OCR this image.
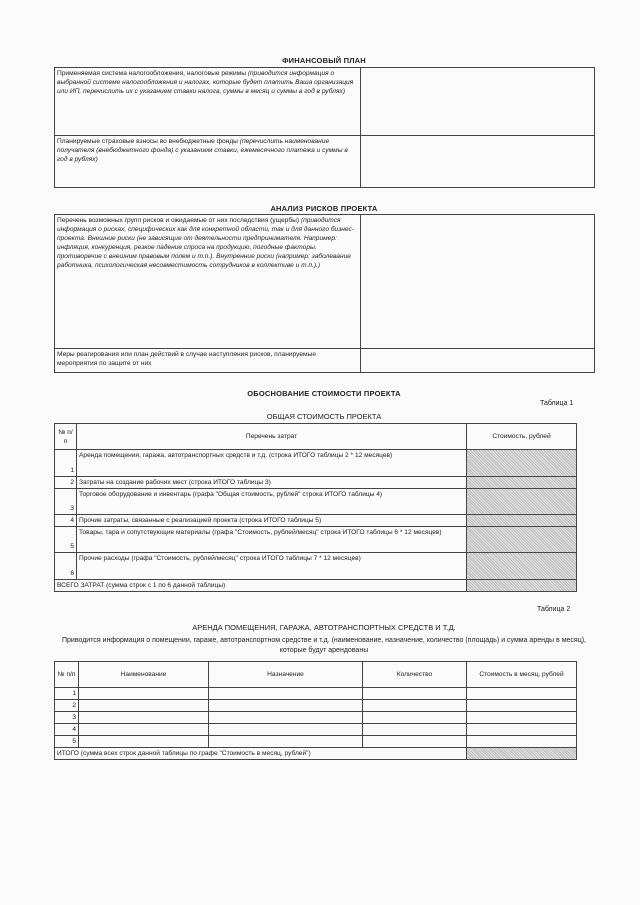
ФИНАНСОВЫЙ ПЛАН
Применяемая система налогообложения, налоговые режимы (приводится информация о выбранной системе налогообложения и налогах, которые будет платить Ваша организация или ИП, перечислить их с указанием ставки налога, суммы в месяц и суммы в год в рублях)	
Планируемые страховые взносы во внебюджетные фонды (перечислить наименование получателя (внебюджетного фонда) с указанием ставки, ежемесячного платежа и суммы в год в рублях)	
АНАЛИЗ РИСКОВ ПРОЕКТА
Перечень возможных групп рисков и ожидаемые от них последствия (ущербы) (приводится информация о рисках, специфических как для конкретной области, так и для данного бизнес-проекта. Внешние риски (не зависящие от деятельности предпринимателя. Например: инфляция, конкуренция, резкое падение спроса на продукцию, погодные факторы, противоречие с внешним правовым полем и т.п.). Внутренние риски (например: заболевание работника, психологическая несовместимость сотрудников в коллективе и т.п.).)	
Меры реагирования или план действий в случае наступления рисков, планируемые мероприятия по защите от них	
ОБОСНОВАНИЕ СТОИМОСТИ ПРОЕКТА
Таблица 1
ОБЩАЯ СТОИМОСТЬ ПРОЕКТА
№ п/п	Перечень затрат	Стоимость, рублей
1	Аренда помещения, гаража, автотранспортных средств и т.д. (строка ИТОГО таблицы 2 * 12 месяцев)	
2	Затраты на создание рабочих мест (строка ИТОГО таблицы 3)	
3	Торговое оборудование и инвентарь (графа "Общая стоимость, рублей" строка ИТОГО таблицы 4)	
4	Прочие затраты, связанные с реализацией проекта (строка ИТОГО таблицы 5)	
5	Товары, тара и сопутствующие материалы (графа "Стоимость, рублей/месяц" строка ИТОГО таблицы 6 * 12 месяцев)	
6	Прочие расходы (графа "Стоимость, рублей/месяц" строка ИТОГО таблицы 7 * 12 месяцев)	
ВСЕГО ЗАТРАТ (сумма строк с 1 по 6 данной таблицы)		
Таблица 2
АРЕНДА ПОМЕЩЕНИЯ, ГАРАЖА, АВТОТРАНСПОРТНЫХ СРЕДСТВ И Т.Д.
Приводится информация о помещении, гараже, автотранспортном средстве и т.д. (наименование, назначение, количество (площадь) и сумма аренды в месяц), которые будут арендованы
№ п/п	Наименование	Назначение	Количество	Стоимость в месяц, рублей
1				
2				
3				
4				
5				
ИТОГО (сумма всех строк данной таблицы по графе "Стоимость в месяц, рублей")				
